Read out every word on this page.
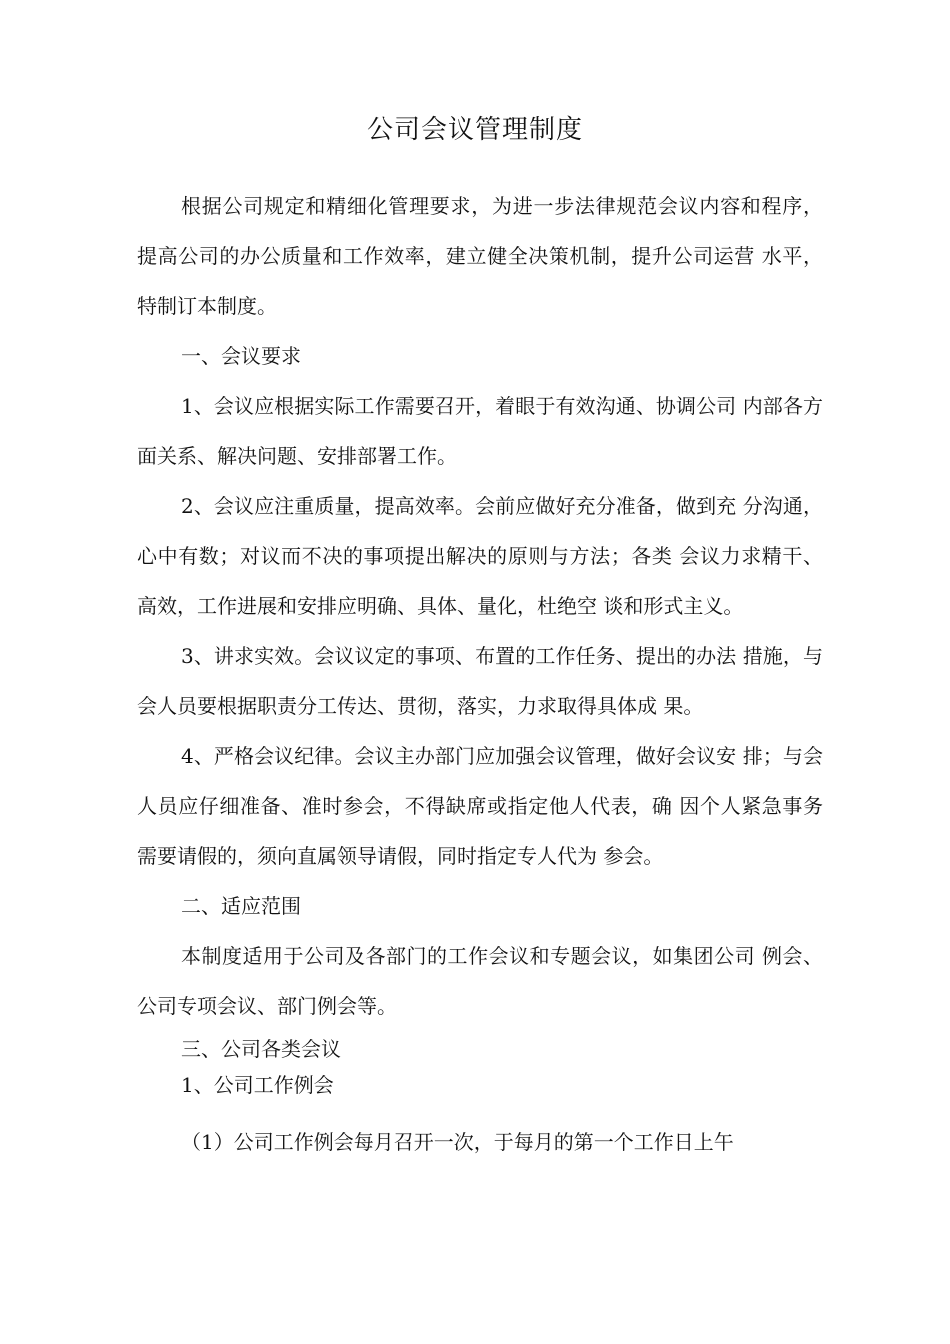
公司会议管理制度

根据公司规定和精细化管理要求，为进一步法律规范会议内容和程序， 提高公司的办公质量和工作效率，建立健全决策机制，提升公司运营 水平，特制订本制度。

一、会议要求

1、会议应根据实际工作需要召开，着眼于有效沟通、协调公司 内部各方面关系、解决问题、安排部署工作。

2、会议应注重质量，提高效率。会前应做好充分准备，做到充 分沟通，心中有数；对议而不决的事项提出解决的原则与方法；各类 会议力求精干、高效，工作进展和安排应明确、具体、量化，杜绝空 谈和形式主义。

3、讲求实效。会议议定的事项、布置的工作任务、提出的办法 措施，与会人员要根据职责分工传达、贯彻，落实，力求取得具体成 果。

4、严格会议纪律。会议主办部门应加强会议管理，做好会议安 排；与会人员应仔细准备、准时参会，不得缺席或指定他人代表，确 因个人紧急事务需要请假的，须向直属领导请假，同时指定专人代为 参会。

二、适应范围

本制度适用于公司及各部门的工作会议和专题会议，如集团公司 例会、公司专项会议、部门例会等。

三、公司各类会议

1、公司工作例会

（1）公司工作例会每月召开一次，于每月的第一个工作日上午
